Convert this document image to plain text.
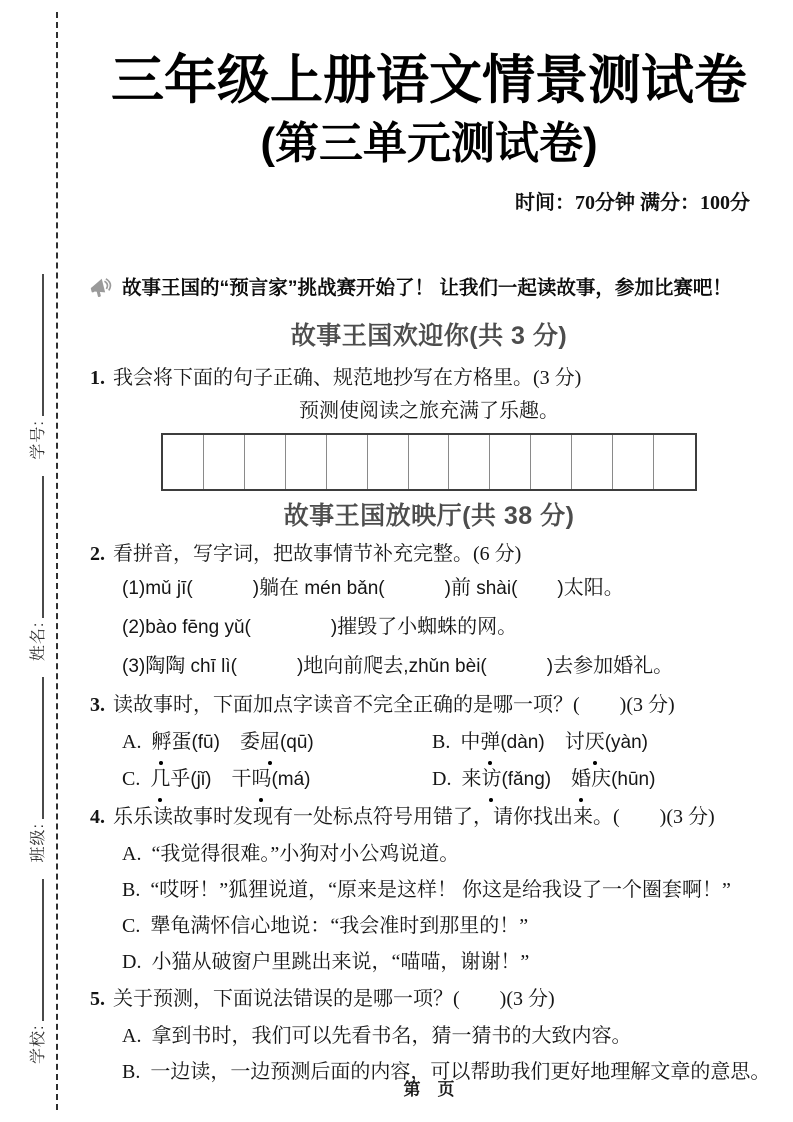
学校:
班级:
姓名:
学号:
三年级上册语文情景测试卷
(第三单元测试卷)
时间：70分钟 满分：100分
故事王国的“预言家”挑战赛开始了！ 让我们一起读故事，参加比赛吧！
故事王国欢迎你(共 3 分)
1. 我会将下面的句子正确、规范地抄写在方格里。(3 分)
预测使阅读之旅充满了乐趣。
故事王国放映厅(共 38 分)
2. 看拼音，写字词，把故事情节补充完整。(6 分)
(1)mǔ jī(　　　	)躺在 mén bǎn(　　　	)前 shài(　　 )太阳。
(2)bào fēng yǔ(　　　　	)摧毁了小蜘蛛的网。
(3)陶陶 chī lì(　　　	)地向前爬去,zhǔn bèi(　　　	)去参加婚礼。
3. 读故事时，下面加点字读音不完全正确的是哪一项？(　　)(3 分)
A. 孵蛋(fū)　委屈(qū)	B. 中弹(dàn)　讨厌(yàn)
C. 几乎(jǐ)　干吗(má)	D. 来访(fǎng)　 婚庆(hūn)
4. 乐乐读故事时发现有一处标点符号用错了，请你找出来。(　　)(3 分)
A. “我觉得很难。”小狗对小公鸡说道。
B. “哎呀！”狐狸说道，“原来是这样！ 你这是给我设了一个圈套啊！”
C. 犟龟满怀信心地说：“我会准时到那里的！”
D. 小猫从破窗户里跳出来说，“喵喵，谢谢！”
5. 关于预测，下面说法错误的是哪一项？(　　)(3 分)
A. 拿到书时，我们可以先看书名，猜一猜书的大致内容。
B. 一边读，一边预测后面的内容，可以帮助我们更好地理解文章的意思。
第　页
